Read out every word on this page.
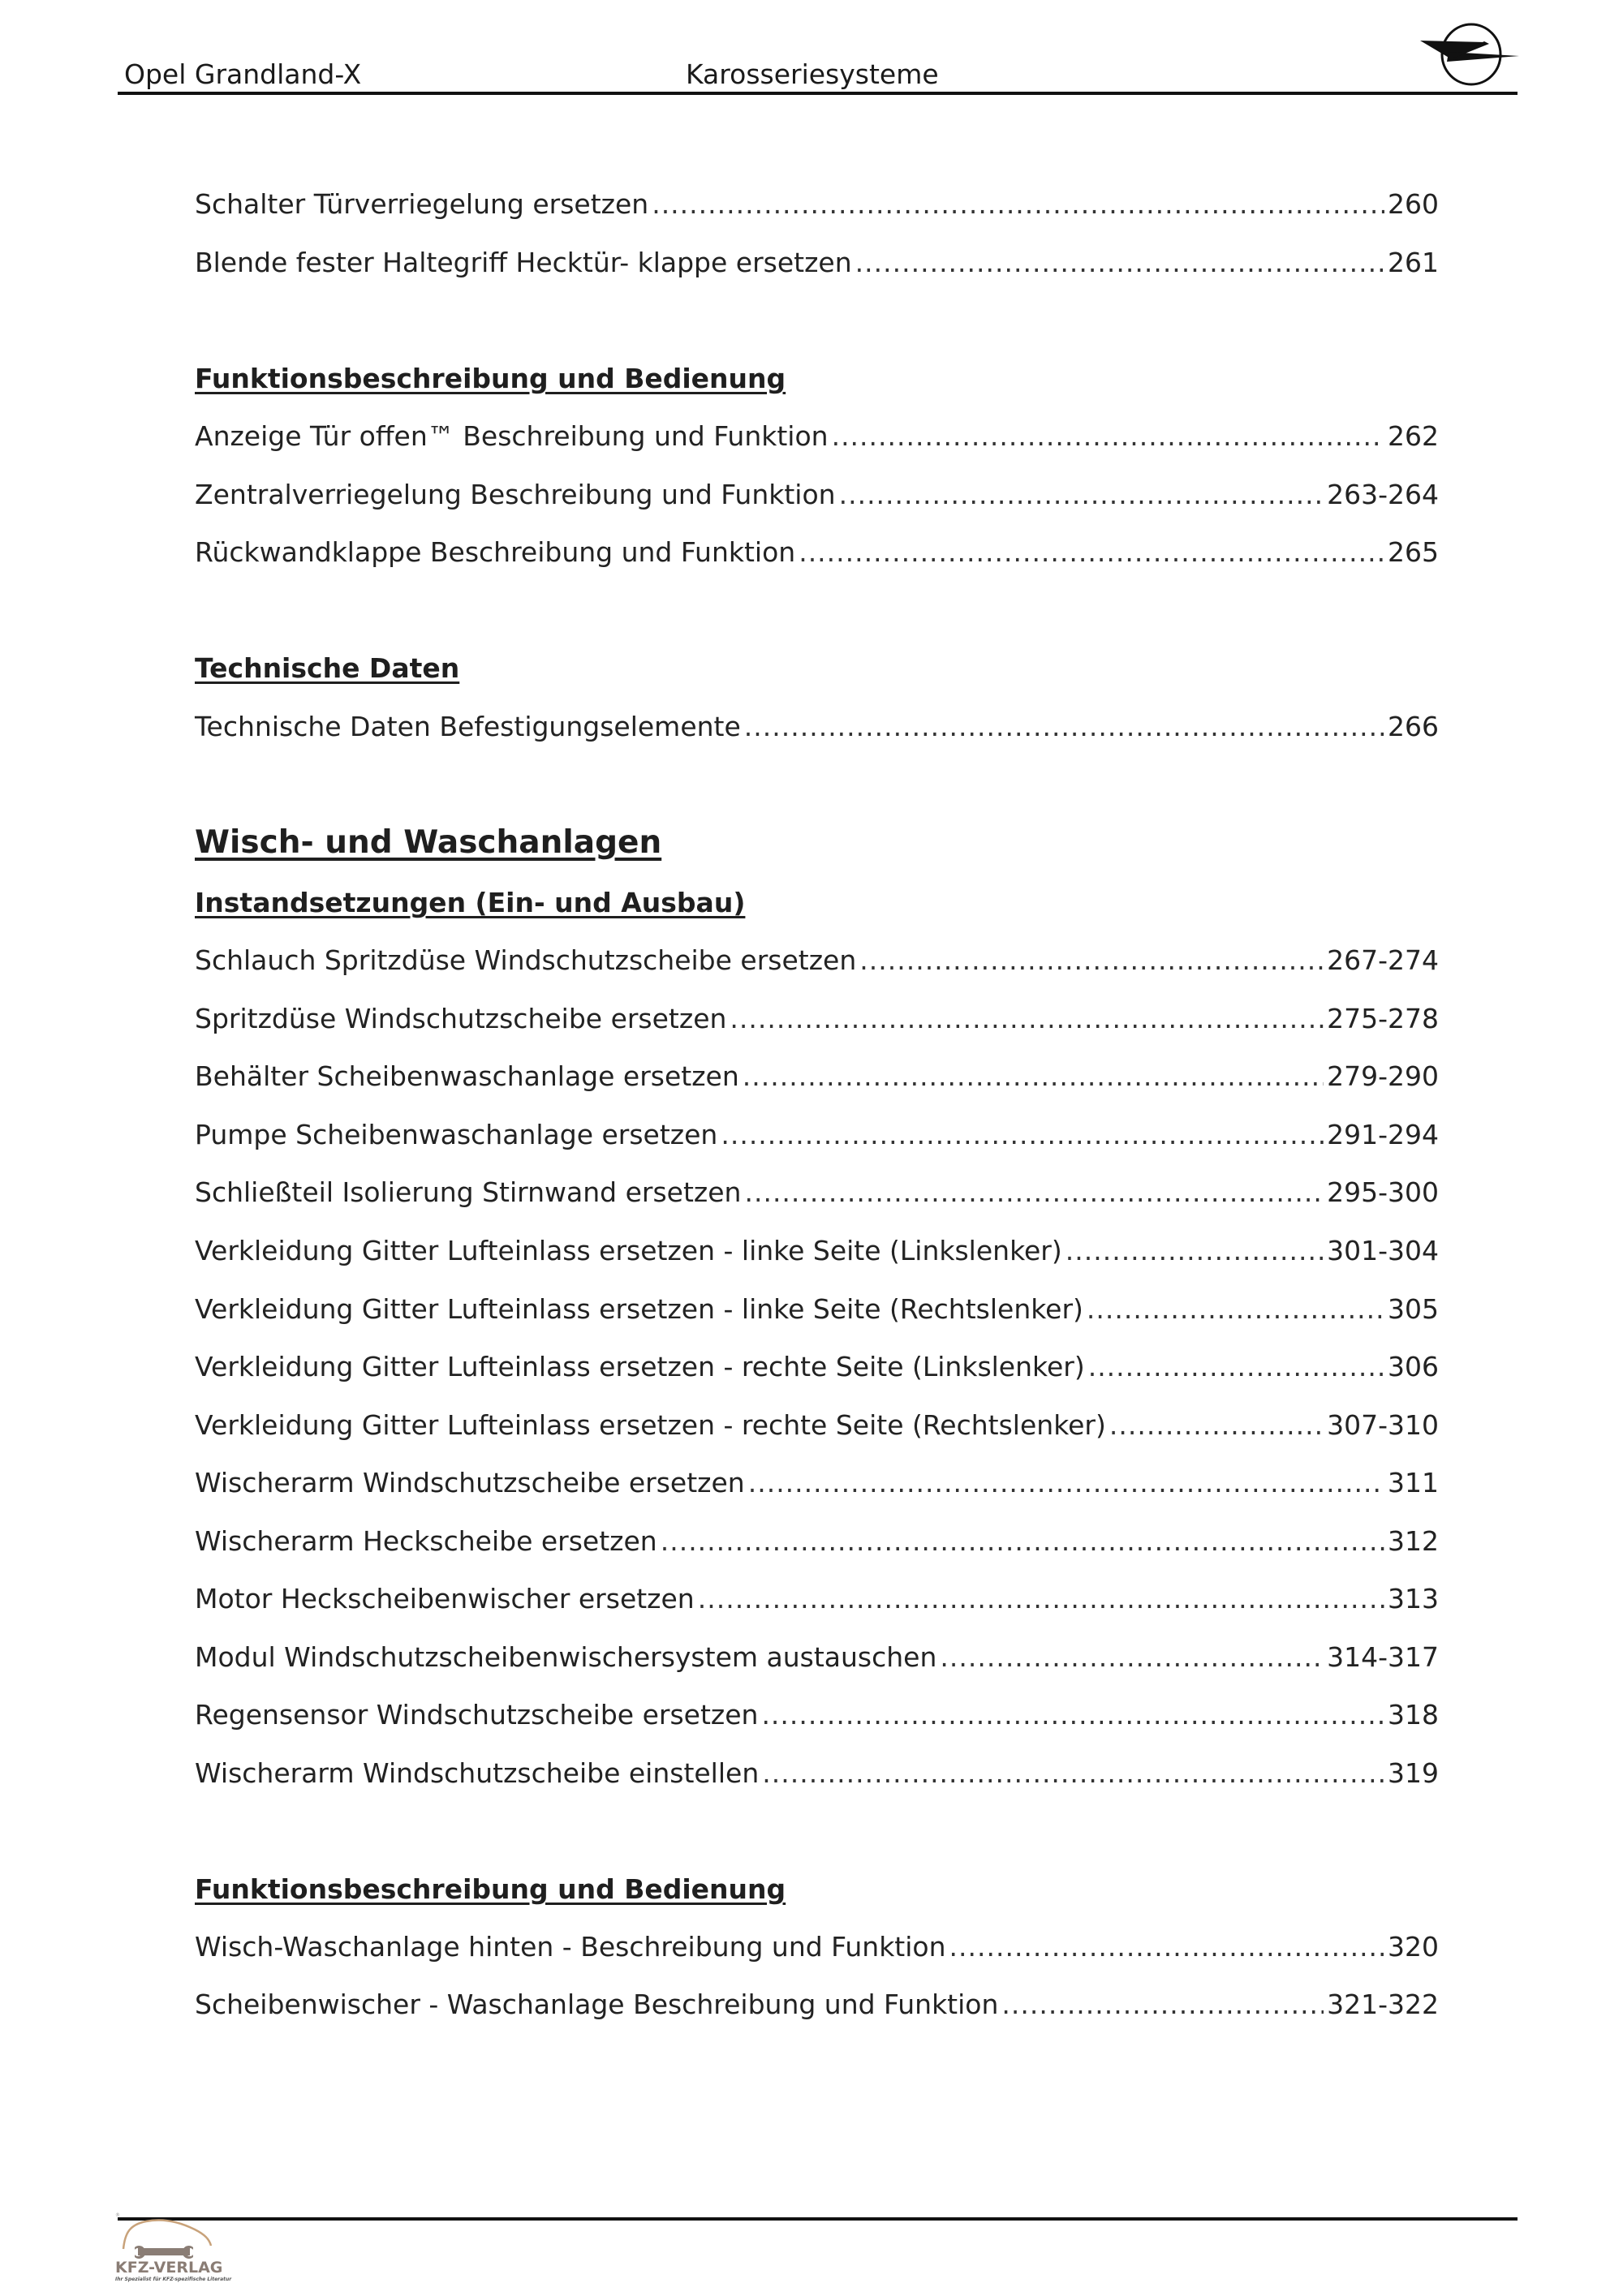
Opel Grandland-X	Karosseriesysteme
Schalter Türverriegelung ersetzen .....	260
Blende fester Haltegriff Hecktür- klappe ersetzen .....	261
Funktionsbeschreibung und Bedienung
Anzeige Tür offen™ Beschreibung und Funktion .....	262
Zentralverriegelung Beschreibung und Funktion .....	263-264
Rückwandklappe Beschreibung und Funktion .....	265
Technische Daten
Technische Daten Befestigungselemente .....	266
Wisch- und Waschanlagen
Instandsetzungen (Ein- und Ausbau)
Schlauch Spritzdüse Windschutzscheibe ersetzen .....	267-274
Spritzdüse Windschutzscheibe ersetzen .....	275-278
Behälter Scheibenwaschanlage ersetzen .....	279-290
Pumpe Scheibenwaschanlage ersetzen .....	291-294
Schließteil Isolierung Stirnwand ersetzen .....	295-300
Verkleidung Gitter Lufteinlass ersetzen - linke Seite (Linkslenker) .....	301-304
Verkleidung Gitter Lufteinlass ersetzen - linke Seite (Rechtslenker) .....	305
Verkleidung Gitter Lufteinlass ersetzen - rechte Seite (Linkslenker) .....	306
Verkleidung Gitter Lufteinlass ersetzen - rechte Seite (Rechtslenker) .....	307-310
Wischerarm Windschutzscheibe ersetzen .....	311
Wischerarm Heckscheibe ersetzen .....	312
Motor Heckscheibenwischer ersetzen .....	313
Modul Windschutzscheibenwischersystem austauschen .....	314-317
Regensensor Windschutzscheibe ersetzen .....	318
Wischerarm Windschutzscheibe einstellen .....	319
Funktionsbeschreibung und Bedienung
Wisch-Waschanlage hinten - Beschreibung und Funktion .....	320
Scheibenwischer - Waschanlage Beschreibung und Funktion .....	321-322
®
KFZ-VERLAG
Ihr Spezialist für KFZ-spezifische Literatur
